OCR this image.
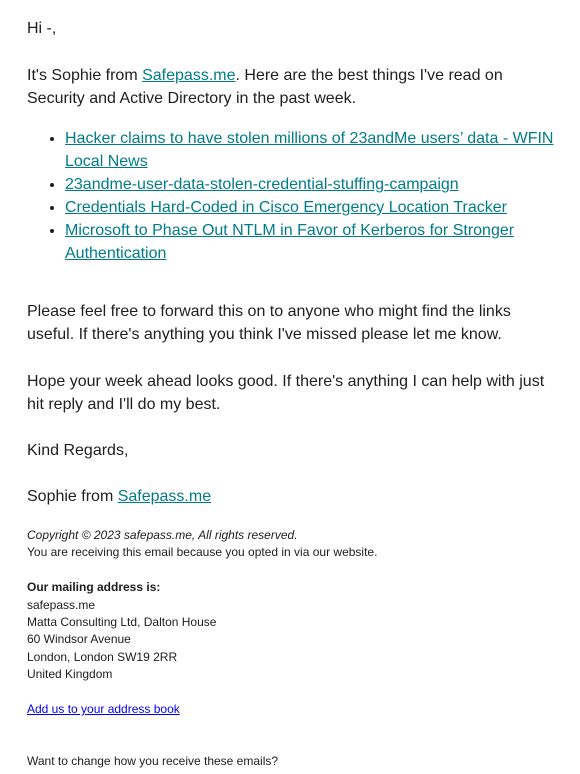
Hi -,

It's Sophie from Safepass.me. Here are the best things I've read on Security and Active Directory in the past week.

• Hacker claims to have stolen millions of 23andMe users’ data - WFIN Local News
• 23andme-user-data-stolen-credential-stuffing-campaign
• Credentials Hard-Coded in Cisco Emergency Location Tracker
• Microsoft to Phase Out NTLM in Favor of Kerberos for Stronger Authentication

Please feel free to forward this on to anyone who might find the links useful. If there's anything you think I've missed please let me know.

Hope your week ahead looks good. If there's anything I can help with just hit reply and I'll do my best.

Kind Regards,

Sophie from Safepass.me

Copyright © 2023 safepass.me, All rights reserved.

You are receiving this email because you opted in via our website.

Our mailing address is:

safepass.me

Matta Consulting Ltd, Dalton House

60 Windsor Avenue

London, London SW19 2RR

United Kingdom

Add us to your address book

Want to change how you receive these emails?
